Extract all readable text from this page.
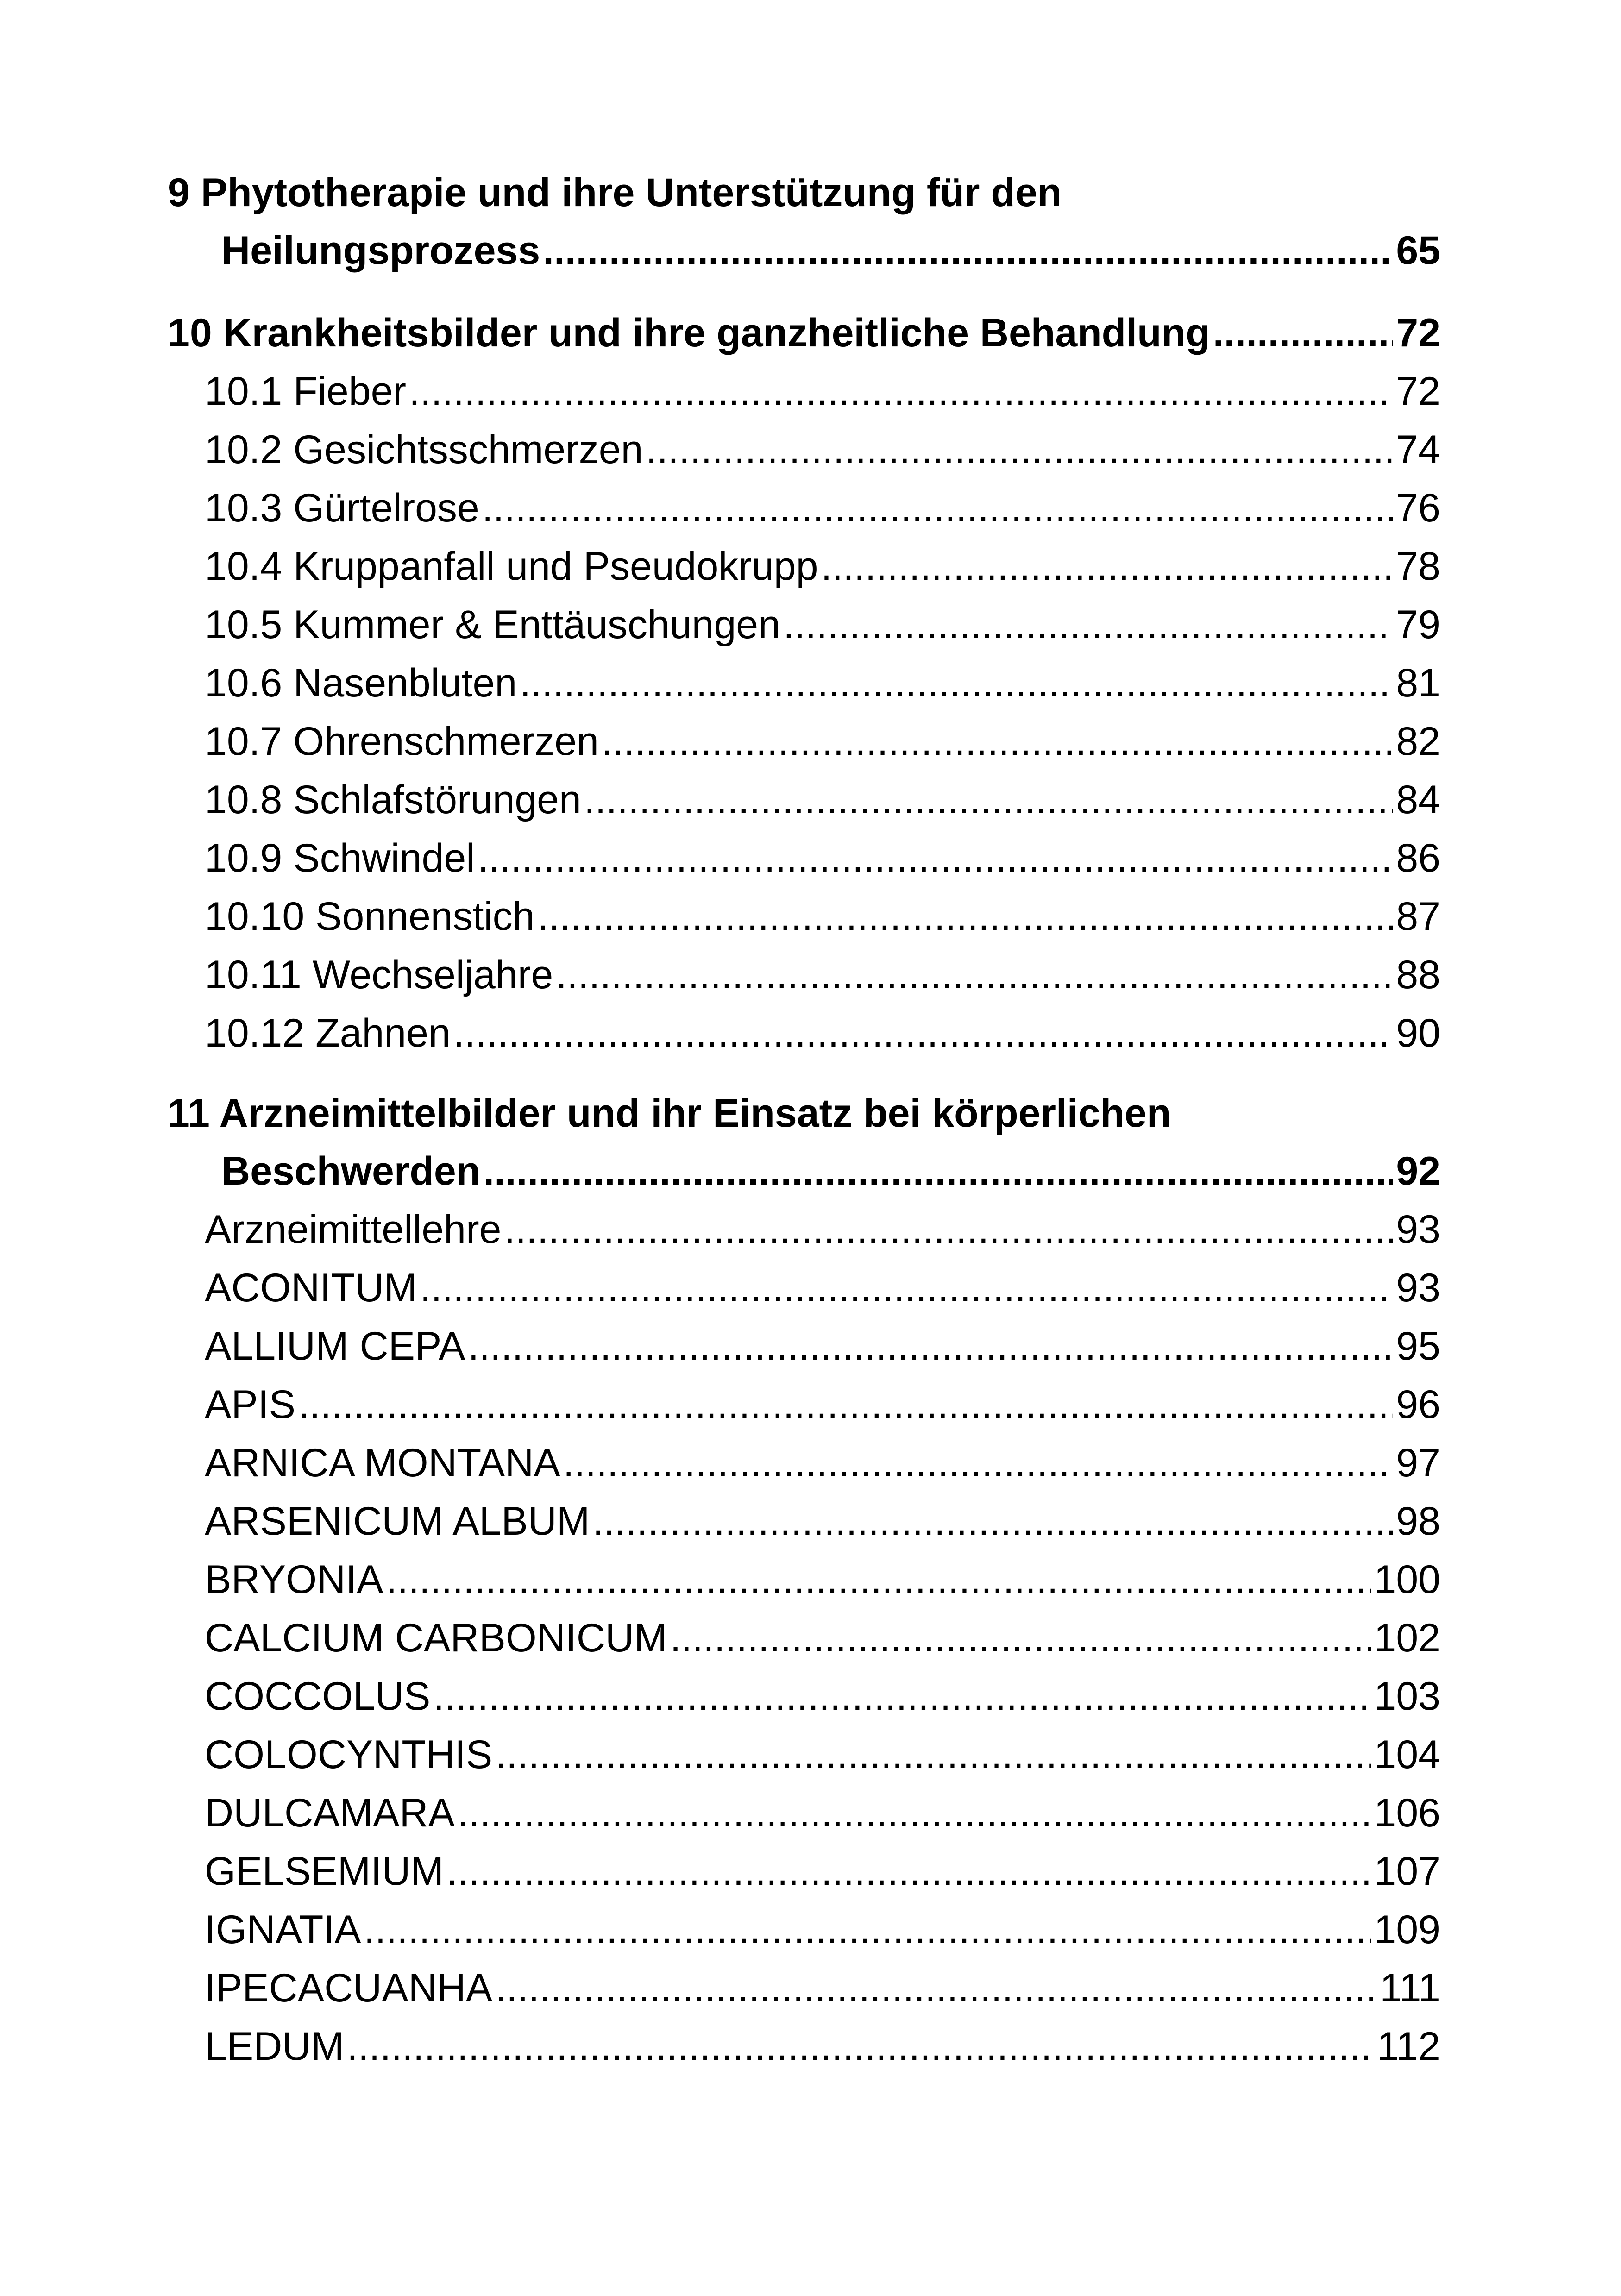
9 Phytotherapie und ihre Unterstützung für den
Heilungsprozess . . .	65
10 Krankheitsbilder und ihre ganzheitliche Behandlung . . .	72
10.1 Fieber . . .	72
10.2 Gesichtsschmerzen . . .	74
10.3 Gürtelrose . . .	76
10.4 Kruppanfall und Pseudokrupp . . .	78
10.5 Kummer & Enttäuschungen . . .	79
10.6 Nasenbluten . . .	81
10.7 Ohrenschmerzen . . .	82
10.8 Schlafstörungen . . .	84
10.9 Schwindel . . .	86
10.10 Sonnenstich . . .	87
10.11 Wechseljahre . . .	88
10.12 Zahnen . . .	90
11 Arzneimittelbilder und ihr Einsatz bei körperlichen
Beschwerden . . .	92
Arzneimittellehre . . .	93
ACONITUM . . .	93
ALLIUM CEPA . . .	95
APIS . . .	96
ARNICA MONTANA . . .	97
ARSENICUM ALBUM . . .	98
BRYONIA . . .	100
CALCIUM CARBONICUM . . .	102
COCCOLUS . . .	103
COLOCYNTHIS . . .	104
DULCAMARA . . .	106
GELSEMIUM . . .	107
IGNATIA . . .	109
IPECACUANHA . . .	111
LEDUM . . .	112
